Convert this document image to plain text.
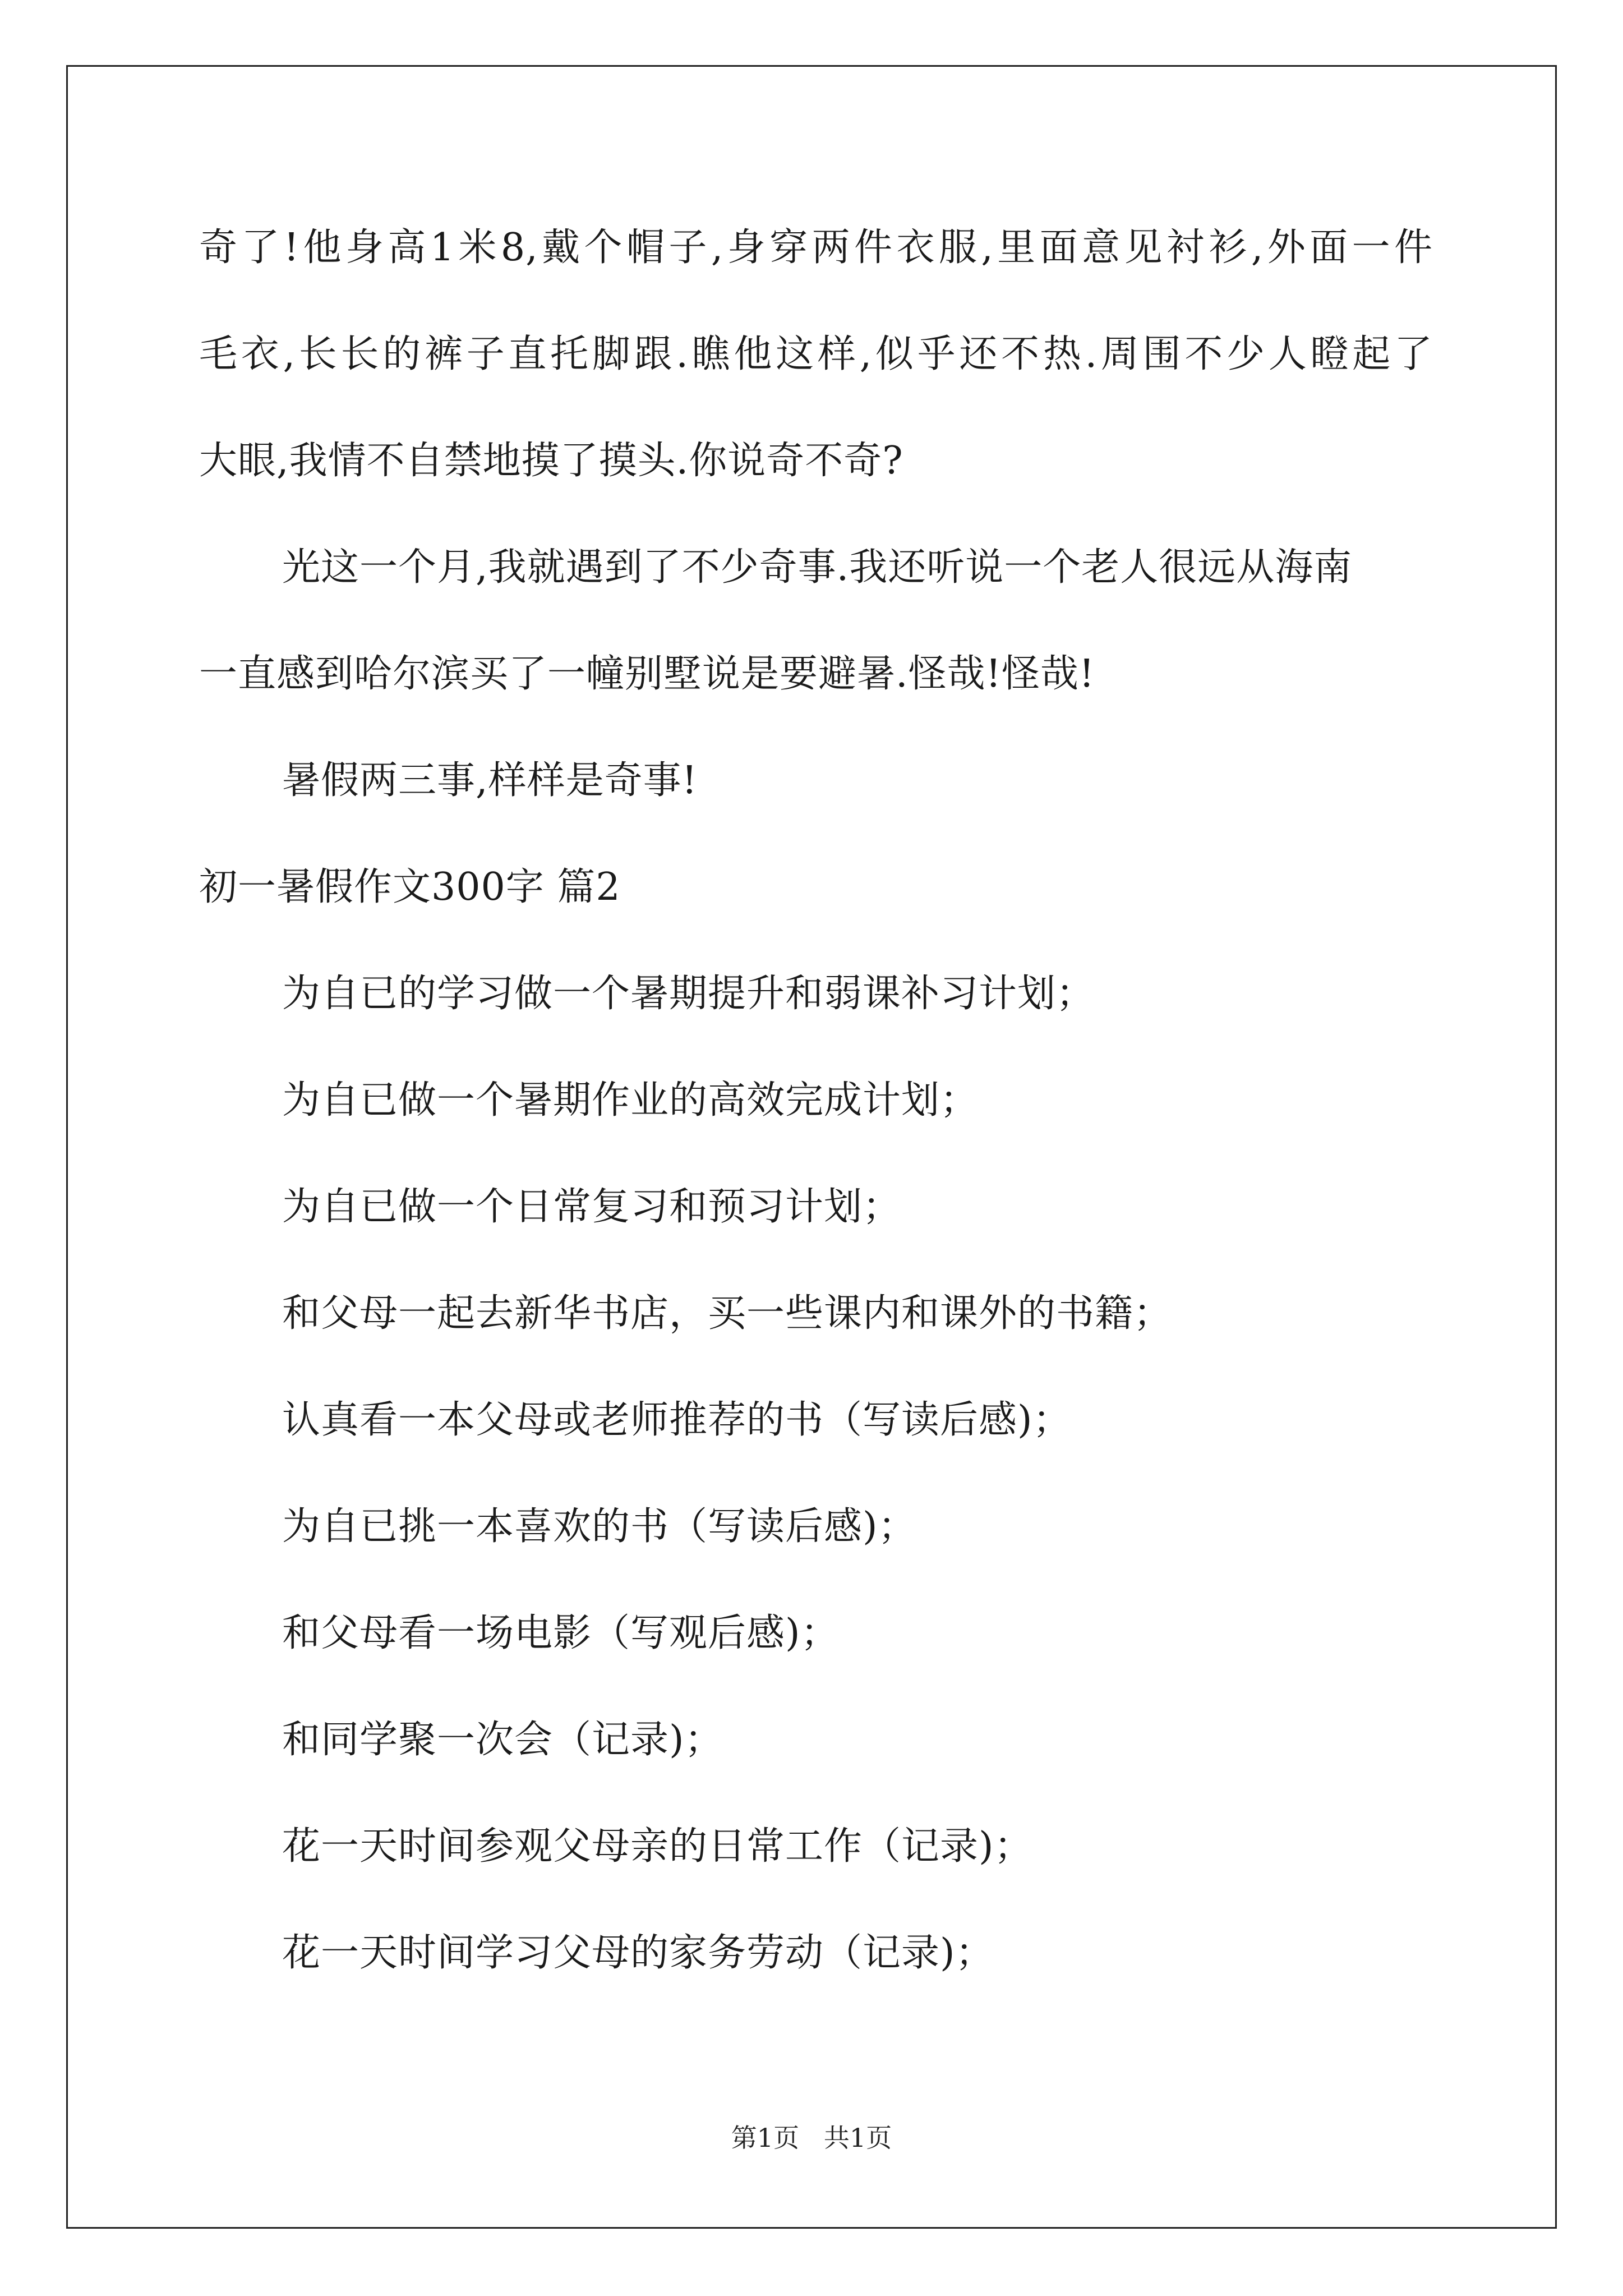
奇了!他身高1米8,戴个帽子,身穿两件衣服,里面意见衬衫,外面一件
毛衣,长长的裤子直托脚跟.瞧他这样,似乎还不热.周围不少人瞪起了
大眼,我情不自禁地摸了摸头.你说奇不奇?
光这一个月,我就遇到了不少奇事.我还听说一个老人很远从海南
一直感到哈尔滨买了一幢别墅说是要避暑.怪哉!怪哉!
暑假两三事,样样是奇事!
初一暑假作文300字 篇2
为自已的学习做一个暑期提升和弱课补习计划；
为自已做一个暑期作业的高效完成计划；
为自已做一个日常复习和预习计划；
和父母一起去新华书店，买一些课内和课外的书籍；
认真看一本父母或老师推荐的书（写读后感)；
为自已挑一本喜欢的书（写读后感)；
和父母看一场电影（写观后感)；
和同学聚一次会（记录)；
花一天时间参观父母亲的日常工作（记录)；
花一天时间学习父母的家务劳动（记录)；
第1页   共1页
